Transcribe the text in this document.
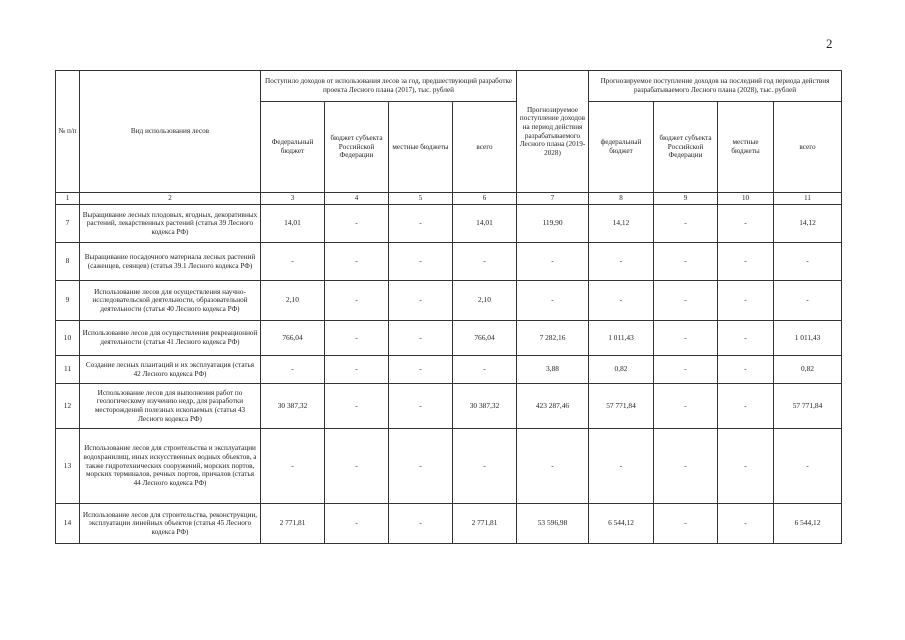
2
№ п/п	Вид использования лесов	Поступило доходов от использования лесов за год, предшествующий разработке проекта Лесного плана (2017), тыс. рублей				Прогнозируемое поступление доходов на период действия разрабатываемого Лесного плана (2019-2028)	Прогнозируемое поступление доходов на последний год периода действия разрабатываемого Лесного плана (2028), тыс. рублей			
		Федеральный бюджет	бюджет субъекта Российской Федерации	местные бюджеты	всего		федеральный бюджет	бюджет субъекта Российской Федерации	местные бюджеты	всего
1	2	3	4	5	6	7	8	9	10	11
7	Выращивание лесных плодовых, ягодных, декоративных растений, лекарственных растений (статья 39 Лесного кодекса РФ)	14,01	-	-	14,01	119,90	14,12	-	-	14,12
8	Выращивание посадочного материала лесных растений (саженцев, сеянцев) (статья 39.1 Лесного кодекса РФ)	-	-	-	-	-	-	-	-	-
9	Использование лесов для осуществления научно-исследовательской деятельности, образовательной деятельности (статья 40 Лесного кодекса РФ)	2,10	-	-	2,10	-	-	-	-	-
10	Использование лесов для осуществления рекреационной деятельности (статья 41 Лесного кодекса РФ)	766,04	-	-	766,04	7 282,16	1 011,43	-	-	1 011,43
11	Создание лесных плантаций и их эксплуатация (статья 42 Лесного кодекса РФ)	-	-	-	-	3,88	0,82	-	-	0,82
12	Использование лесов для выполнения работ по геологическому изучению недр, для разработки месторождений полезных ископаемых (статья 43 Лесного кодекса РФ)	30 387,32	-	-	30 387,32	423 287,46	57 771,84	-	-	57 771,84
13	Использование лесов для строительства и эксплуатации водохранилищ, иных искусственных водных объектов, а также гидротехнических сооружений, морских портов, морских терминалов, речных портов, причалов (статья 44 Лесного кодекса РФ)	-	-	-	-	-	-	-	-	-
14	Использование лесов для строительства, реконструкции, эксплуатации линейных объектов (статья 45 Лесного кодекса РФ)	2 771,81	-	-	2 771,81	53 596,98	6 544,12	-	-	6 544,12
